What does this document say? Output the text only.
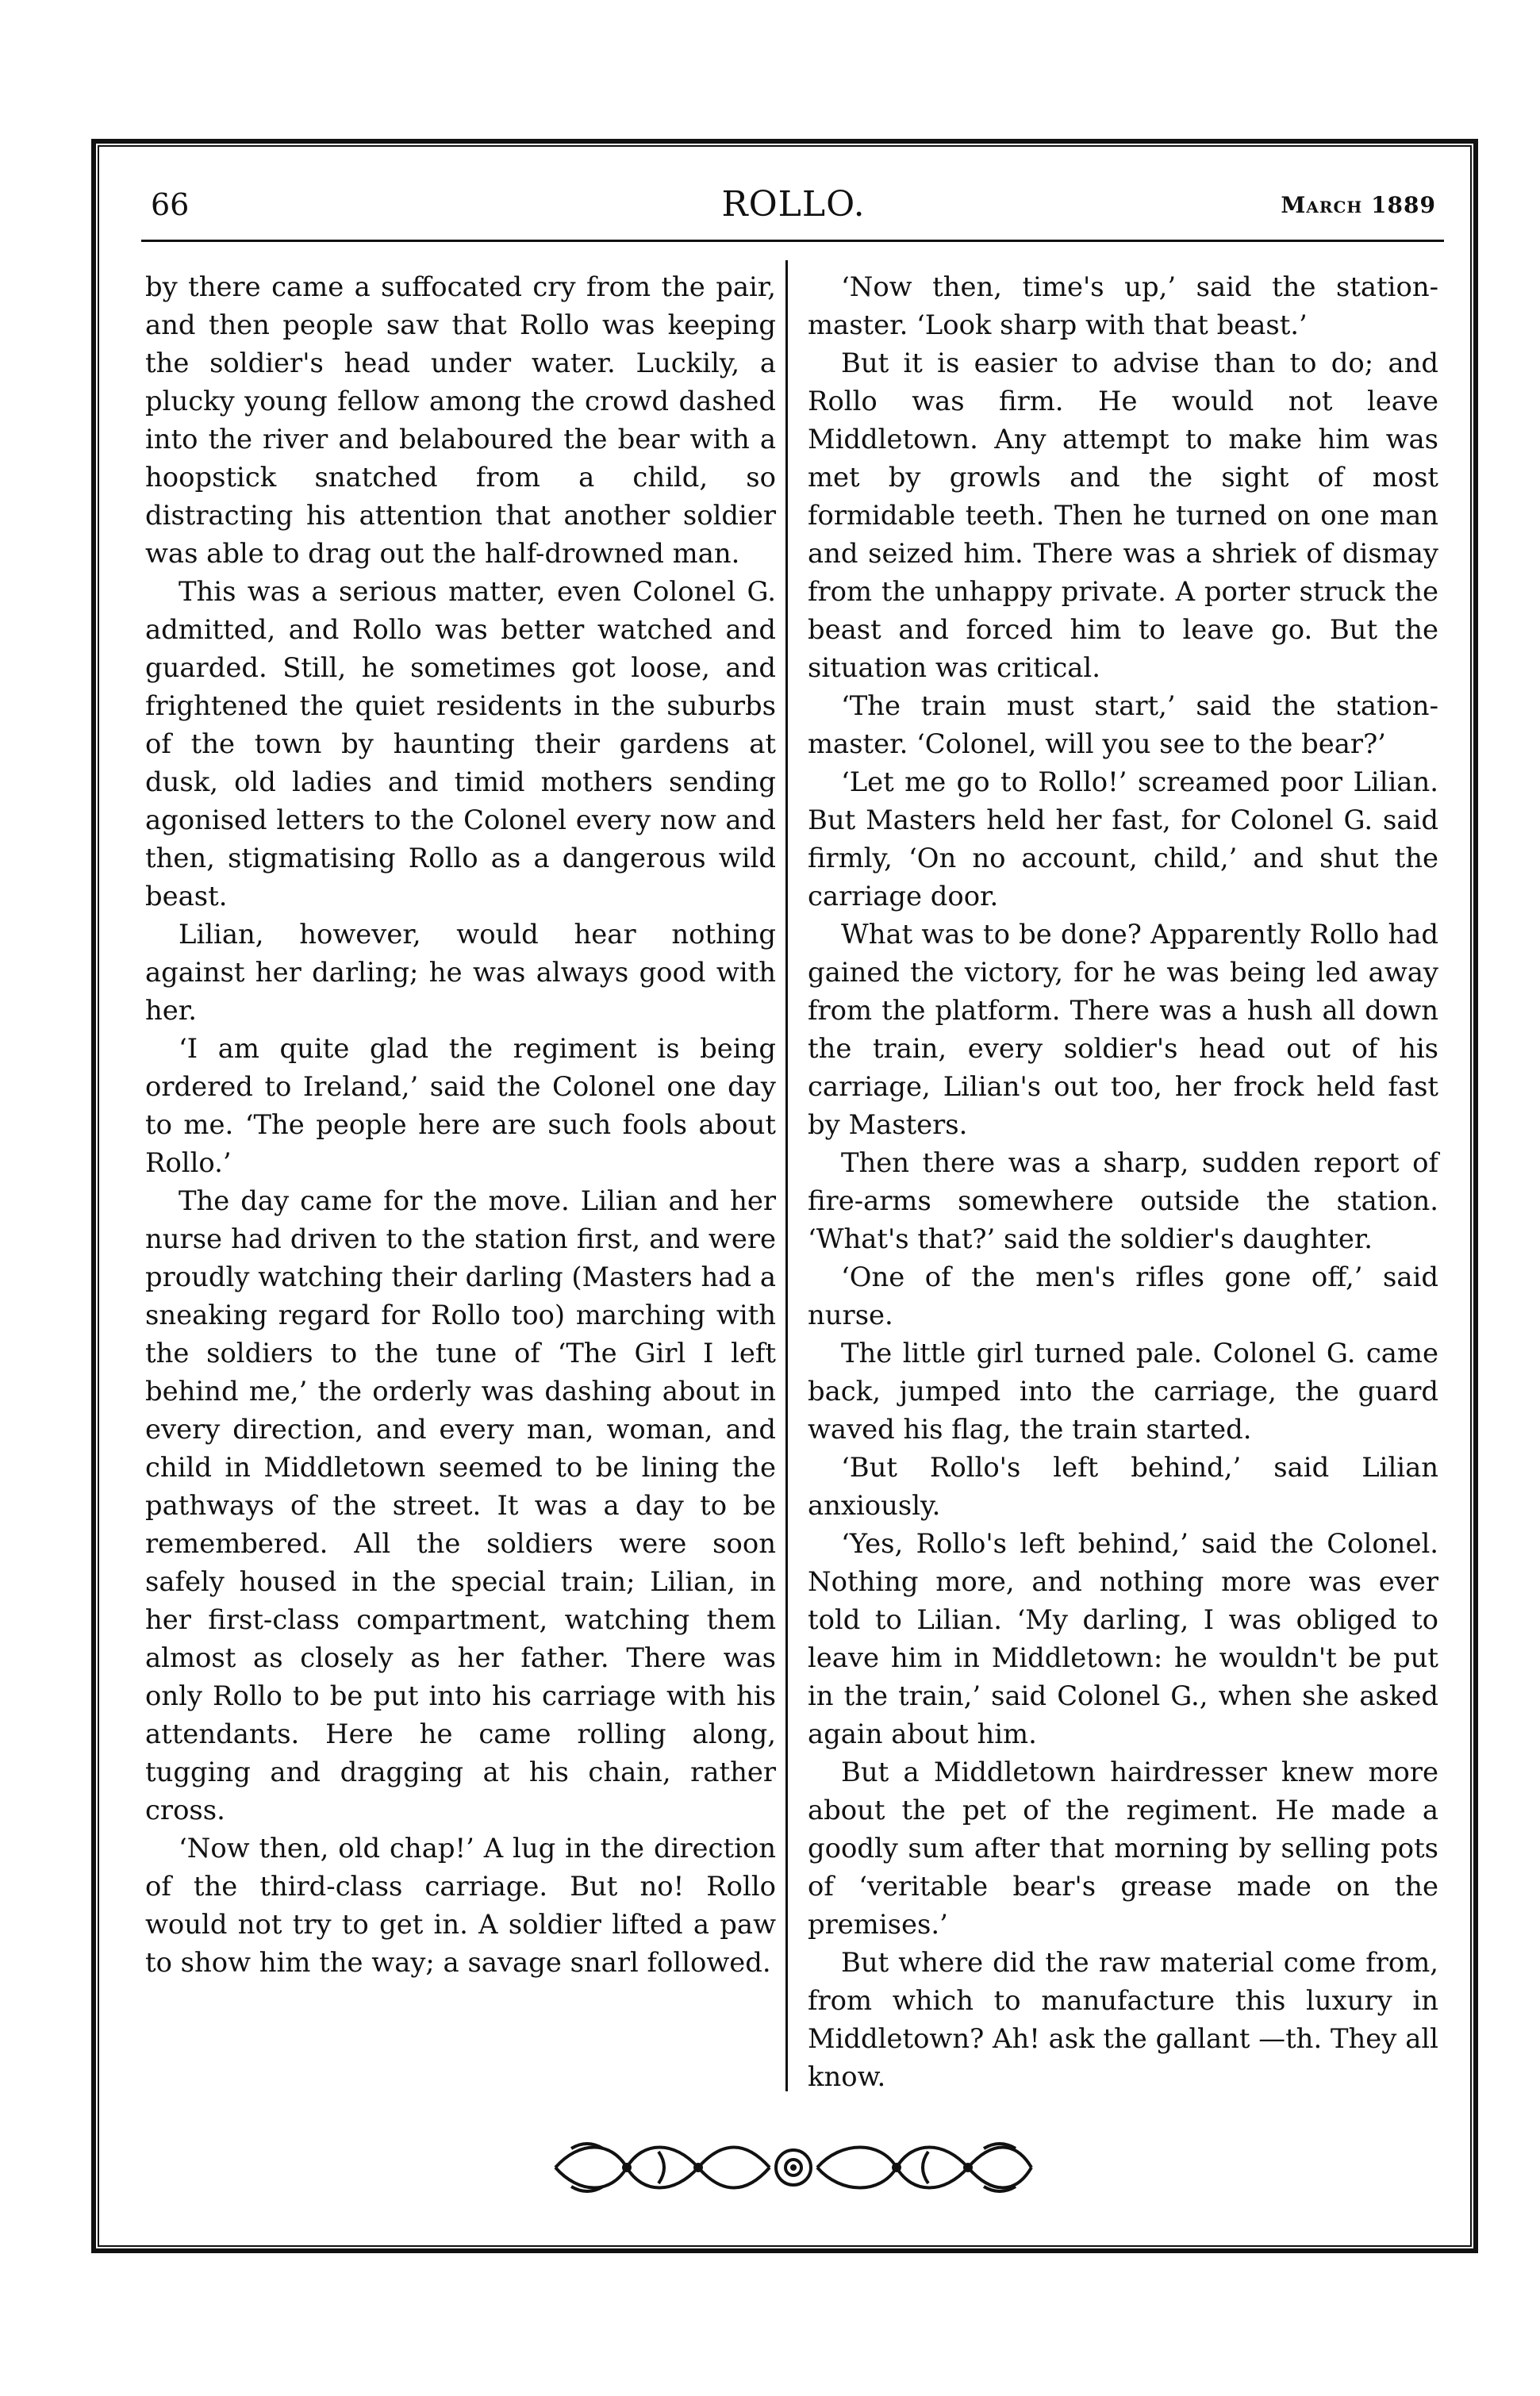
66	ROLLO.	March 1889

by there came a suffocated cry from the pair, and then people saw that Rollo was keeping the soldier's head under water. Luckily, a plucky young fellow among the crowd dashed into the river and belaboured the bear with a hoopstick snatched from a child, so distracting his attention that another soldier was able to drag out the half-drowned man.

This was a serious matter, even Colonel G. admitted, and Rollo was better watched and guarded. Still, he sometimes got loose, and frightened the quiet residents in the suburbs of the town by haunting their gardens at dusk, old ladies and timid mothers sending agonised letters to the Colonel every now and then, stigmatising Rollo as a dangerous wild beast.

Lilian, however, would hear nothing against her darling; he was always good with her.

‘I am quite glad the regiment is being ordered to Ireland,’ said the Colonel one day to me. ‘The people here are such fools about Rollo.’

The day came for the move. Lilian and her nurse had driven to the station first, and were proudly watching their darling (Masters had a sneaking regard for Rollo too) marching with the soldiers to the tune of ‘The Girl I left behind me,’ the orderly was dashing about in every direction, and every man, woman, and child in Middletown seemed to be lining the pathways of the street. It was a day to be remembered. All the soldiers were soon safely housed in the special train; Lilian, in her first-class compartment, watching them almost as closely as her father. There was only Rollo to be put into his carriage with his attendants. Here he came rolling along, tugging and dragging at his chain, rather cross.

‘Now then, old chap!’ A lug in the direction of the third-class carriage. But no! Rollo would not try to get in. A soldier lifted a paw to show him the way; a savage snarl followed.

‘Now then, time's up,’ said the station-master. ‘Look sharp with that beast.’

But it is easier to advise than to do; and Rollo was firm. He would not leave Middletown. Any attempt to make him was met by growls and the sight of most formidable teeth. Then he turned on one man and seized him. There was a shriek of dismay from the unhappy private. A porter struck the beast and forced him to leave go. But the situation was critical.

‘The train must start,’ said the station-master. ‘Colonel, will you see to the bear?’

‘Let me go to Rollo!’ screamed poor Lilian. But Masters held her fast, for Colonel G. said firmly, ‘On no account, child,’ and shut the carriage door.

What was to be done? Apparently Rollo had gained the victory, for he was being led away from the platform. There was a hush all down the train, every soldier's head out of his carriage, Lilian's out too, her frock held fast by Masters.

Then there was a sharp, sudden report of fire-arms somewhere outside the station. ‘What's that?’ said the soldier's daughter.

‘One of the men's rifles gone off,’ said nurse.

The little girl turned pale. Colonel G. came back, jumped into the carriage, the guard waved his flag, the train started.

‘But Rollo's left behind,’ said Lilian anxiously.

‘Yes, Rollo's left behind,’ said the Colonel. Nothing more, and nothing more was ever told to Lilian. ‘My darling, I was obliged to leave him in Middletown: he wouldn't be put in the train,’ said Colonel G., when she asked again about him.

But a Middletown hairdresser knew more about the pet of the regiment. He made a goodly sum after that morning by selling pots of ‘veritable bear's grease made on the premises.’

But where did the raw material come from, from which to manufacture this luxury in Middletown? Ah! ask the gallant —th. They all know.
